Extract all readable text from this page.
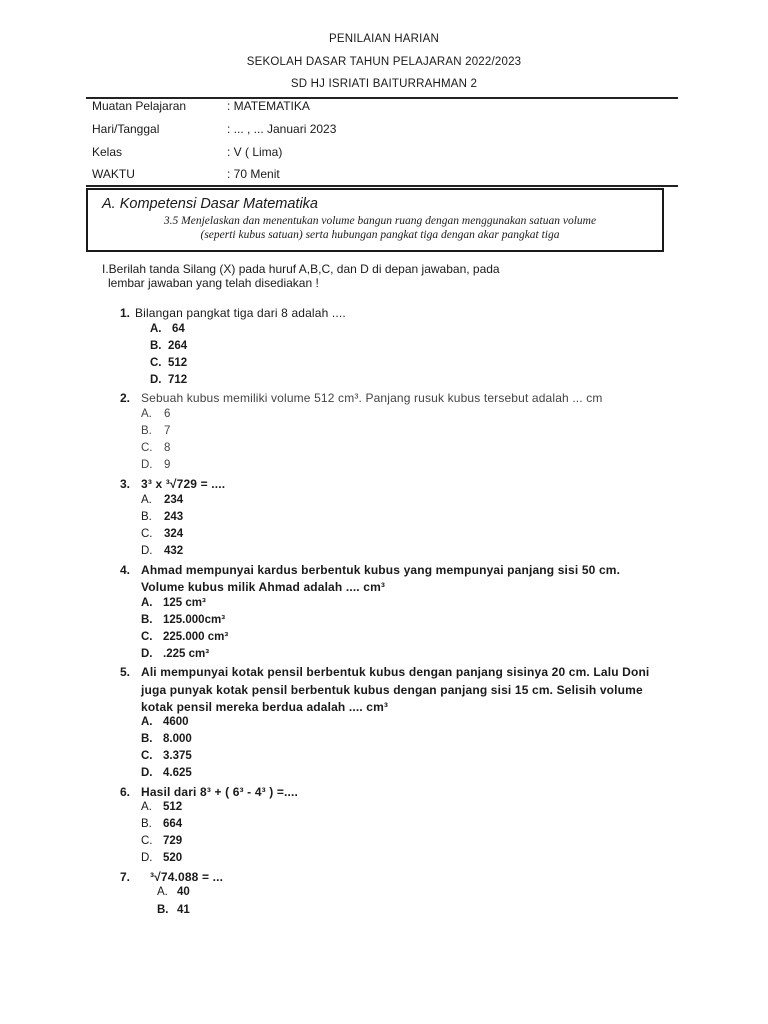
PENILAIAN HARIAN
SEKOLAH DASAR TAHUN PELAJARAN 2022/2023
SD HJ ISRIATI BAITURRAHMAN 2
Muatan Pelajaran	: MATEMATIKA
Hari/Tanggal	: ... , ... Januari 2023
Kelas	: V ( Lima)
WAKTU	: 70 Menit
A. Kompetensi Dasar Matematika
3.5 Menjelaskan dan menentukan volume bangun ruang dengan menggunakan satuan volume
(seperti kubus satuan) serta hubungan pangkat tiga dengan akar pangkat tiga
I.Berilah tanda Silang (X) pada huruf A,B,C, dan D di depan jawaban, pada
lembar jawaban yang telah disediakan !
1. Bilangan pangkat tiga dari 8 adalah ....
A. 64
B. 264
C. 512
D. 712
2. Sebuah kubus memiliki volume 512 cm³. Panjang rusuk kubus tersebut adalah ... cm
A. 6
B. 7
C. 8
D. 9
3. 3³ x ³√729 = ....
A. 234
B. 243
C. 324
D. 432
4. Ahmad mempunyai kardus berbentuk kubus yang mempunyai panjang sisi 50 cm.
Volume kubus milik Ahmad adalah .... cm³
A. 125 cm³
B. 125.000cm³
C. 225.000 cm³
D. .225 cm³
5. Ali mempunyai kotak pensil berbentuk kubus dengan panjang sisinya 20 cm. Lalu Doni
juga punyak kotak pensil berbentuk kubus dengan panjang sisi 15 cm. Selisih volume
kotak pensil mereka berdua adalah .... cm³
A. 4600
B. 8.000
C. 3.375
D. 4.625
6. Hasil dari 8³ + ( 6³ - 4³ ) =....
A. 512
B. 664
C. 729
D. 520
7. ³√74.088 = ...
A. 40
B. 41
